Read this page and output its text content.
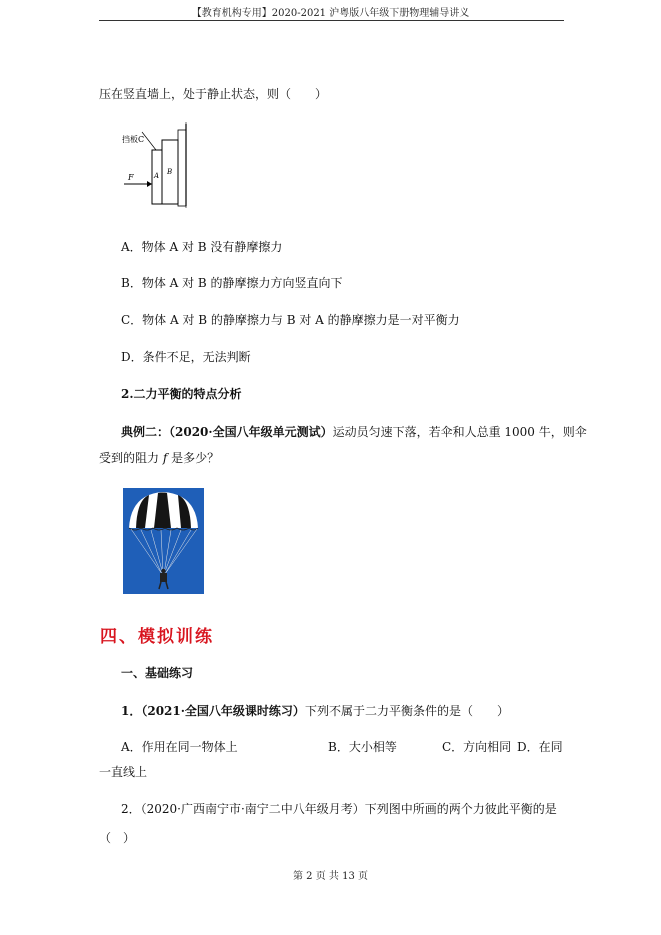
【教育机构专用】2020-2021 沪粤版八年级下册物理辅导讲义
压在竖直墙上，处于静止状态，则（　　）
挡板C
F	A B
A．物体 A 对 B 没有静摩擦力
B．物体 A 对 B 的静摩擦力方向竖直向下
C．物体 A 对 B 的静摩擦力与 B 对 A 的静摩擦力是一对平衡力
D．条件不足，无法判断
2.二力平衡的特点分析
典例二：（2020·全国八年级单元测试）运动员匀速下落，若伞和人总重 1000 牛，则伞
受到的阻力 f 是多少？
四、模拟训练
一、基础练习
1．（2021·全国八年级课时练习）下列不属于二力平衡条件的是（　　）
A．作用在同一物体上	B．大小相等	C．方向相同 D．在同
一直线上
2．（2020·广西南宁市·南宁二中八年级月考）下列图中所画的两个力彼此平衡的是
（　）
第 2 页 共 13 页
